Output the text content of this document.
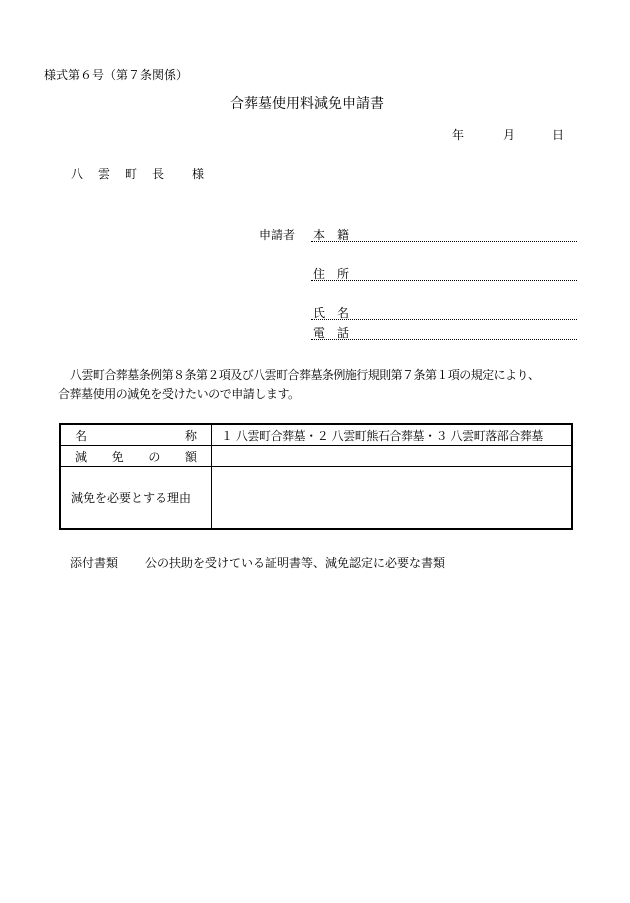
様式第６号（第７条関係）
合葬墓使用料減免申請書
年	月	日
八 雲 町 長 様
申請者 本 籍
住 所
氏 名
電 話
八雲町合葬墓条例第８条第２項及び八雲町合葬墓条例施行規則第７条第１項の規定により、
合葬墓使用の減免を受けたいので申請します。
名 称	１ 八雲町合葬墓・２ 八雲町熊石合葬墓・３ 八雲町落部合葬墓

減 免 の 額	

減免を必要とする理由	
添付書類 公の扶助を受けている証明書等、減免認定に必要な書類
